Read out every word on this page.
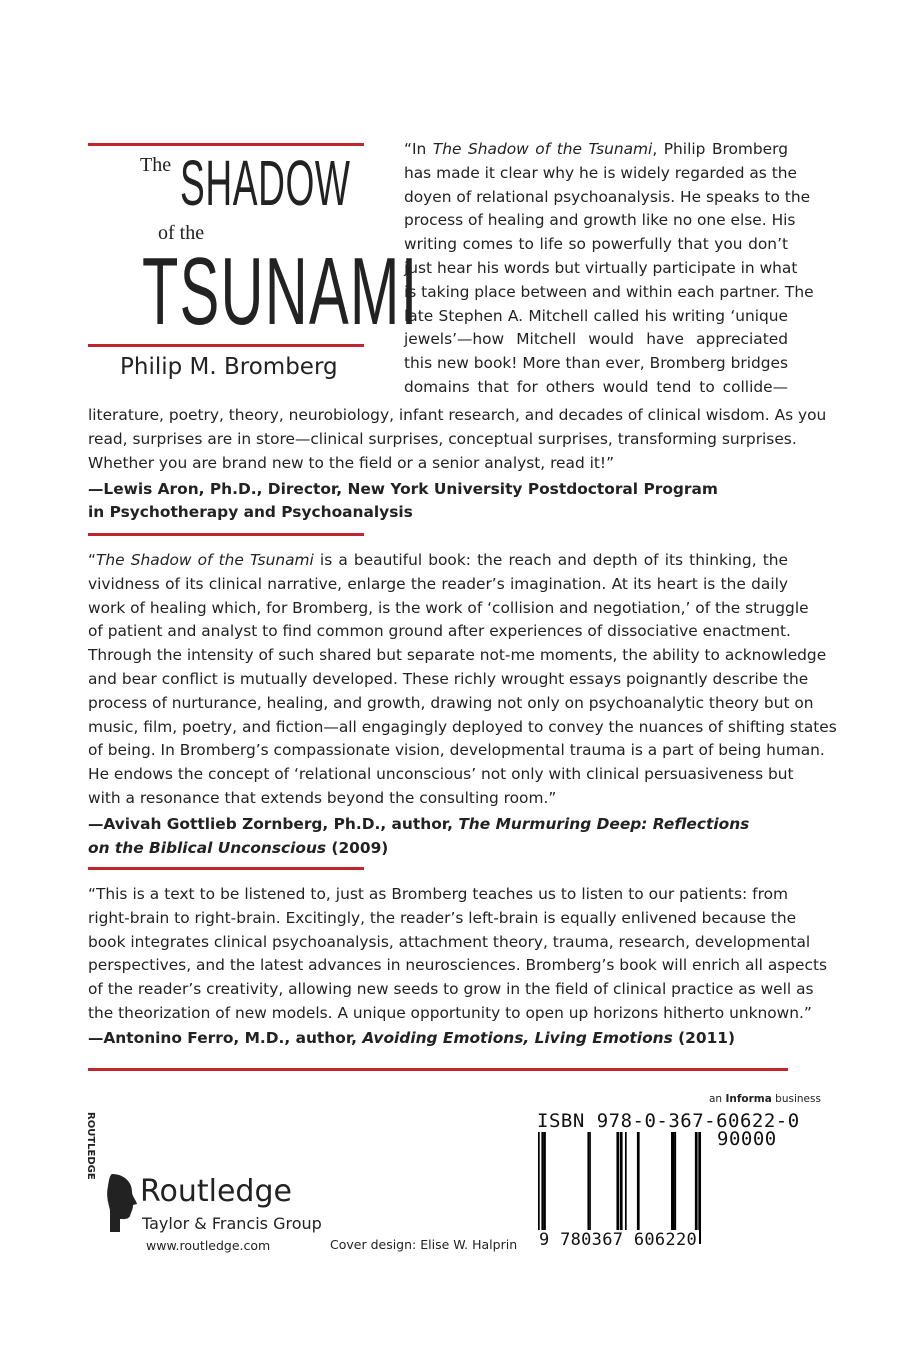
The SHADOW
of the
TSUNAMI
Philip M. Bromberg
“In The Shadow of the Tsunami, Philip Bromberg
has made it clear why he is widely regarded as the
doyen of relational psychoanalysis. He speaks to the
process of healing and growth like no one else. His
writing comes to life so powerfully that you don’t
just hear his words but virtually participate in what
is taking place between and within each partner. The
late Stephen A. Mitchell called his writing ‘unique
jewels’—how Mitchell would have appreciated
this new book! More than ever, Bromberg bridges
domains that for others would tend to collide—
literature, poetry, theory, neurobiology, infant research, and decades of clinical wisdom. As you
read, surprises are in store—clinical surprises, conceptual surprises, transforming surprises.
Whether you are brand new to the field or a senior analyst, read it!”
—Lewis Aron, Ph.D., Director, New York University Postdoctoral Program
in Psychotherapy and Psychoanalysis
“The Shadow of the Tsunami is a beautiful book: the reach and depth of its thinking, the
vividness of its clinical narrative, enlarge the reader’s imagination. At its heart is the daily
work of healing which, for Bromberg, is the work of ‘collision and negotiation,’ of the struggle
of patient and analyst to find common ground after experiences of dissociative enactment.
Through the intensity of such shared but separate not-me moments, the ability to acknowledge
and bear conflict is mutually developed. These richly wrought essays poignantly describe the
process of nurturance, healing, and growth, drawing not only on psychoanalytic theory but on
music, film, poetry, and fiction—all engagingly deployed to convey the nuances of shifting states
of being. In Bromberg’s compassionate vision, developmental trauma is a part of being human.
He endows the concept of ‘relational unconscious’ not only with clinical persuasiveness but
with a resonance that extends beyond the consulting room.”
—Avivah Gottlieb Zornberg, Ph.D., author, The Murmuring Deep: Reflections
on the Biblical Unconscious (2009)
“This is a text to be listened to, just as Bromberg teaches us to listen to our patients: from
right-brain to right-brain. Excitingly, the reader’s left-brain is equally enlivened because the
book integrates clinical psychoanalysis, attachment theory, trauma, research, developmental
perspectives, and the latest advances in neurosciences. Bromberg’s book will enrich all aspects
of the reader’s creativity, allowing new seeds to grow in the field of clinical practice as well as
the theorization of new models. A unique opportunity to open up horizons hitherto unknown.”
—Antonino Ferro, M.D., author, Avoiding Emotions, Living Emotions (2011)
ROUTLEDGE
Routledge
Taylor & Francis Group
www.routledge.com	Cover design: Elise W. Halprin
an Informa business
ISBN 978-0-367-60622-0
90000
9 780367 606220
